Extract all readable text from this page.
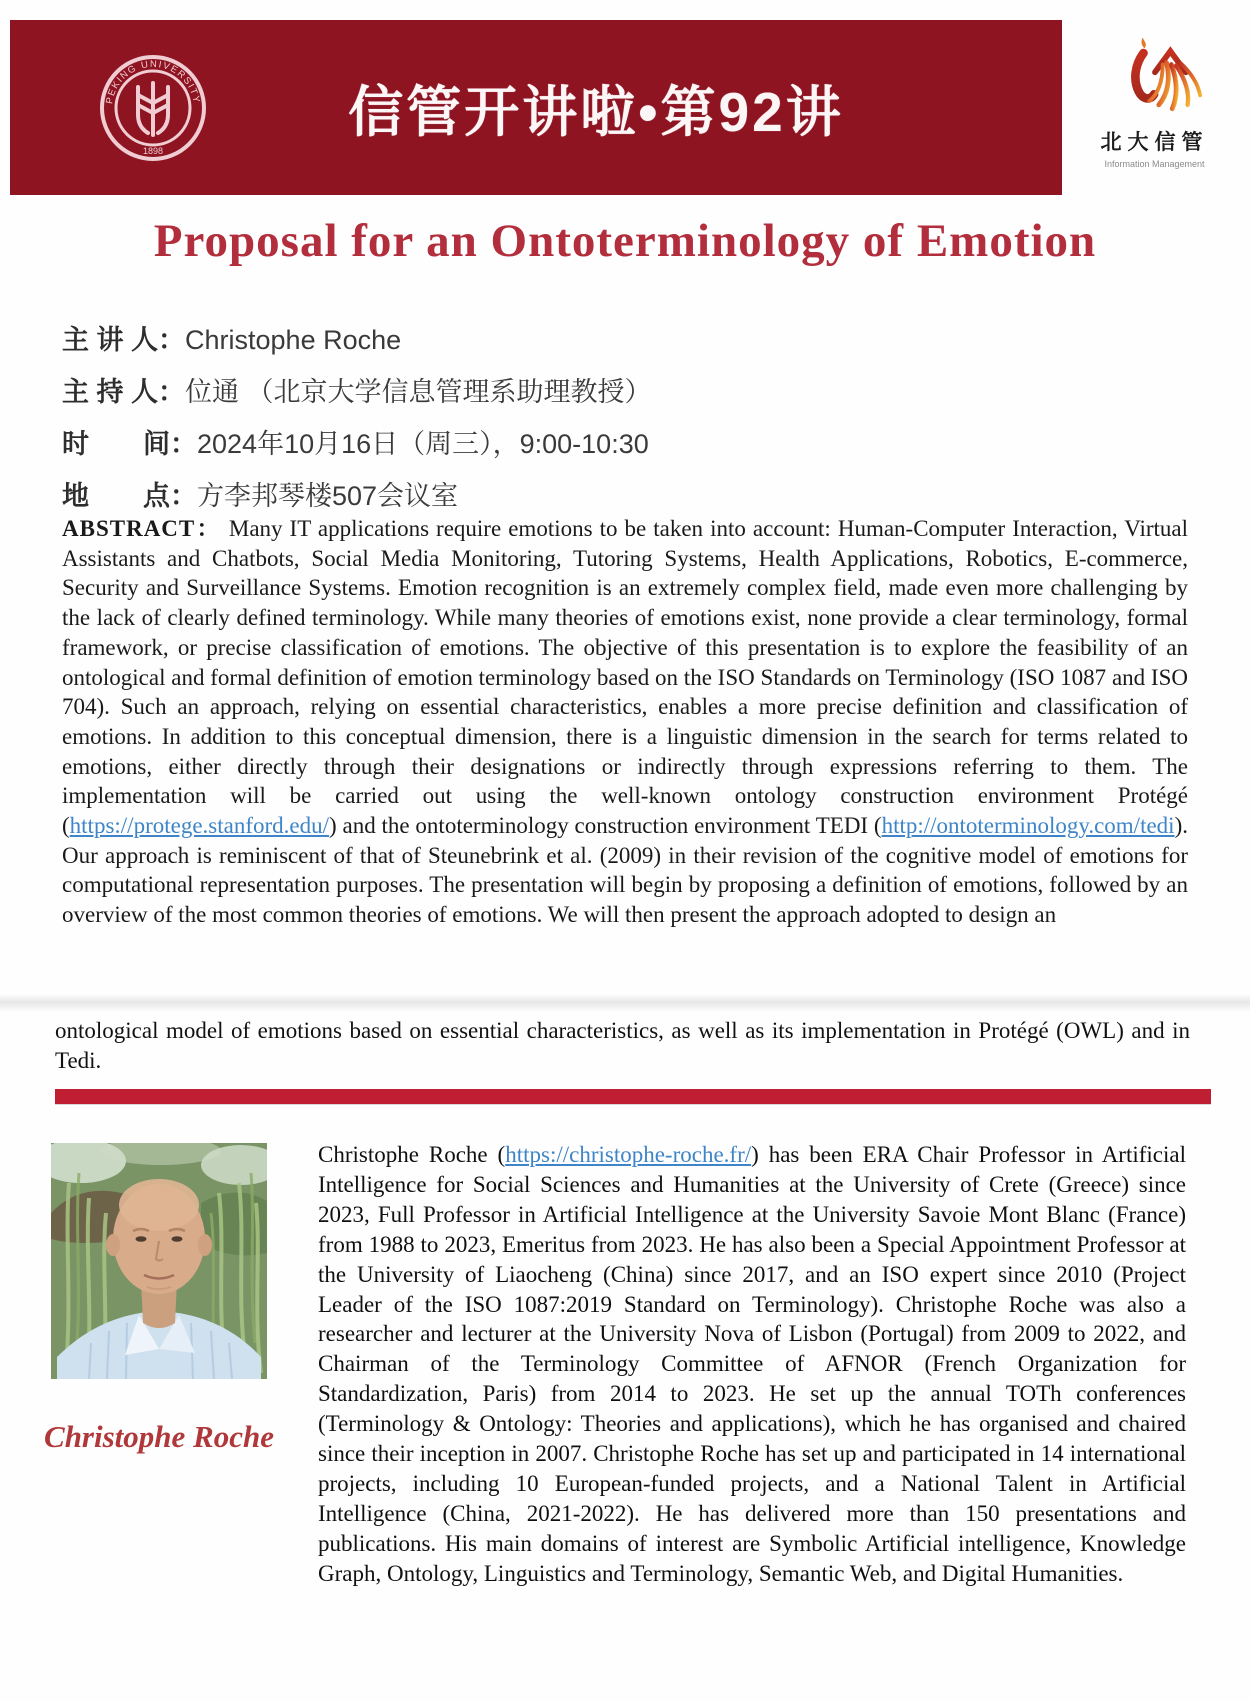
PEKING UNIVERSITY
1898
信管开讲啦•第92讲	北大信管
Information Management
Proposal for an Ontoterminology of Emotion
主 讲 人：Christophe Roche
主 持 人：位通 （北京大学信息管理系助理教授）
时　　间：2024年10月16日（周三），9:00-10:30
地　　点：方李邦琴楼507会议室
ABSTRACT： Many IT applications require emotions to be taken into account: Human-Computer Interaction, Virtual Assistants and Chatbots, Social Media Monitoring, Tutoring Systems, Health Applications, Robotics, E-commerce, Security and Surveillance Systems. Emotion recognition is an extremely complex field, made even more challenging by the lack of clearly defined terminology. While many theories of emotions exist, none provide a clear terminology, formal framework, or precise classification of emotions. The objective of this presentation is to explore the feasibility of an ontological and formal definition of emotion terminology based on the ISO Standards on Terminology (ISO 1087 and ISO 704). Such an approach, relying on essential characteristics, enables a more precise definition and classification of emotions. In addition to this conceptual dimension, there is a linguistic dimension in the search for terms related to emotions, either directly through their designations or indirectly through expressions referring to them. The implementation will be carried out using the well-known ontology construction environment Protégé (https://protege.stanford.edu/) and the ontoterminology construction environment TEDI (http://ontoterminology.com/tedi). Our approach is reminiscent of that of Steunebrink et al. (2009) in their revision of the cognitive model of emotions for computational representation purposes. The presentation will begin by proposing a definition of emotions, followed by an overview of the most common theories of emotions. We will then present the approach adopted to design an
ontological model of emotions based on essential characteristics, as well as its implementation in Protégé (OWL) and in Tedi.
Christophe Roche
Christophe Roche (https://christophe-roche.fr/) has been ERA Chair Professor in Artificial Intelligence for Social Sciences and Humanities at the University of Crete (Greece) since 2023, Full Professor in Artificial Intelligence at the University Savoie Mont Blanc (France) from 1988 to 2023, Emeritus from 2023. He has also been a Special Appointment Professor at the University of Liaocheng (China) since 2017, and an ISO expert since 2010 (Project Leader of the ISO 1087:2019 Standard on Terminology). Christophe Roche was also a researcher and lecturer at the University Nova of Lisbon (Portugal) from 2009 to 2022, and Chairman of the Terminology Committee of AFNOR (French Organization for Standardization, Paris) from 2014 to 2023. He set up the annual TOTh conferences (Terminology & Ontology: Theories and applications), which he has organised and chaired since their inception in 2007. Christophe Roche has set up and participated in 14 international projects, including 10 European-funded projects, and a National Talent in Artificial Intelligence (China, 2021-2022). He has delivered more than 150 presentations and publications. His main domains of interest are Symbolic Artificial intelligence, Knowledge Graph, Ontology, Linguistics and Terminology, Semantic Web, and Digital Humanities.
